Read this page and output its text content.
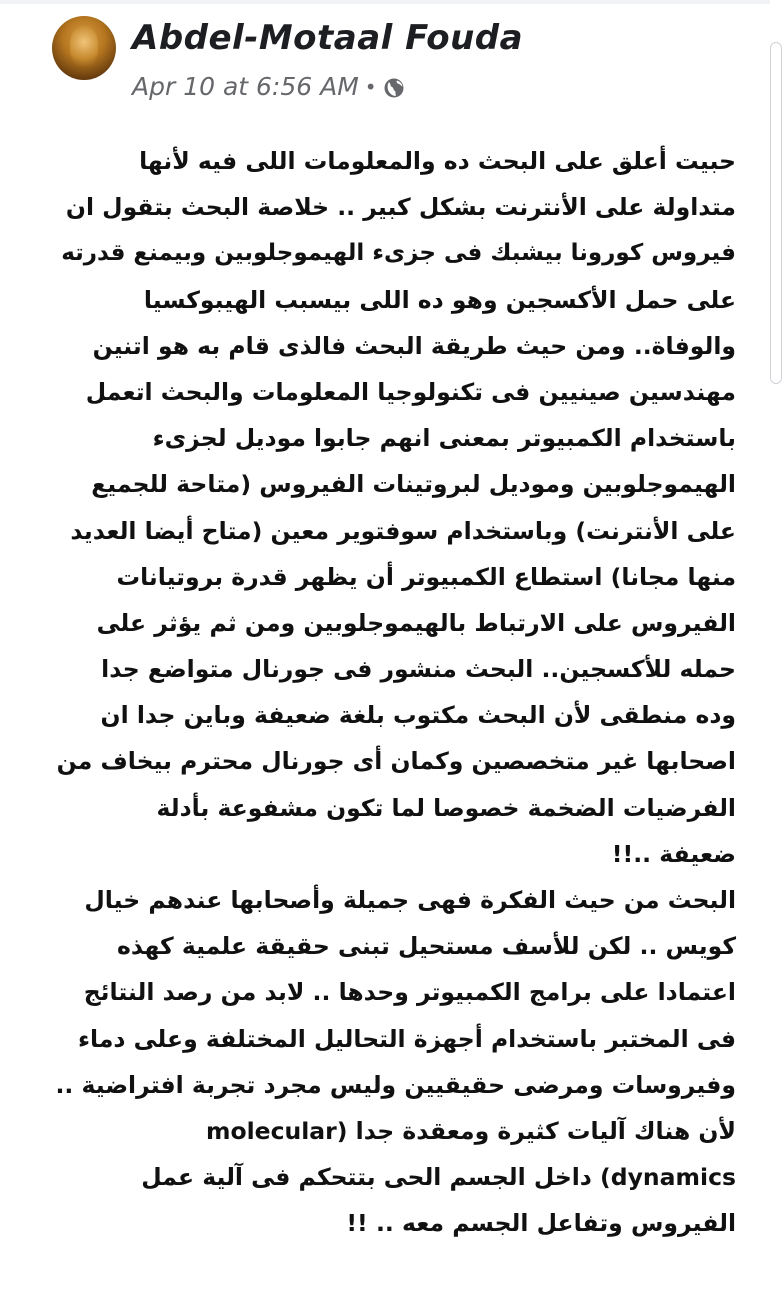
Abdel-Motaal Fouda
Apr 10 at 6:56 AM •
حبيت أعلق على البحث ده والمعلومات اللى فيه لأنها
متداولة على الأنترنت بشكل كبير .. خلاصة البحث بتقول ان
فيروس كورونا بيشبك فى جزىء الهيموجلوبين وبيمنع قدرته
على حمل الأكسجين وهو ده اللى بيسبب الهيبوكسيا
والوفاة.. ومن حيث طريقة البحث فالذى قام به هو اتنين
مهندسين صينيين فى تكنولوجيا المعلومات والبحث اتعمل
باستخدام الكمبيوتر بمعنى انهم جابوا موديل لجزىء
الهيموجلوبين وموديل لبروتينات الفيروس (متاحة للجميع
على الأنترنت) وباستخدام سوفتوير معين (متاح أيضا العديد
منها مجانا) استطاع الكمبيوتر أن يظهر قدرة بروتيانات
الفيروس على الارتباط بالهيموجلوبين ومن ثم يؤثر على
حمله للأكسجين.. البحث منشور فى جورنال متواضع جدا
وده منطقى لأن البحث مكتوب بلغة ضعيفة وباين جدا ان
اصحابها غير متخصصين وكمان أى جورنال محترم بيخاف من
الفرضيات الضخمة خصوصا لما تكون مشفوعة بأدلة
ضعيفة ..!!
البحث من حيث الفكرة فهى جميلة وأصحابها عندهم خيال
كويس .. لكن للأسف مستحيل تبنى حقيقة علمية كهذه
اعتمادا على برامج الكمبيوتر وحدها .. لابد من رصد النتائج
فى المختبر باستخدام أجهزة التحاليل المختلفة وعلى دماء
وفيروسات ومرضى حقيقيين وليس مجرد تجربة افتراضية ..
لأن هناك آليات كثيرة ومعقدة جدا (molecular
dynamics) داخل الجسم الحى بتتحكم فى آلية عمل
الفيروس وتفاعل الجسم معه .. !!
